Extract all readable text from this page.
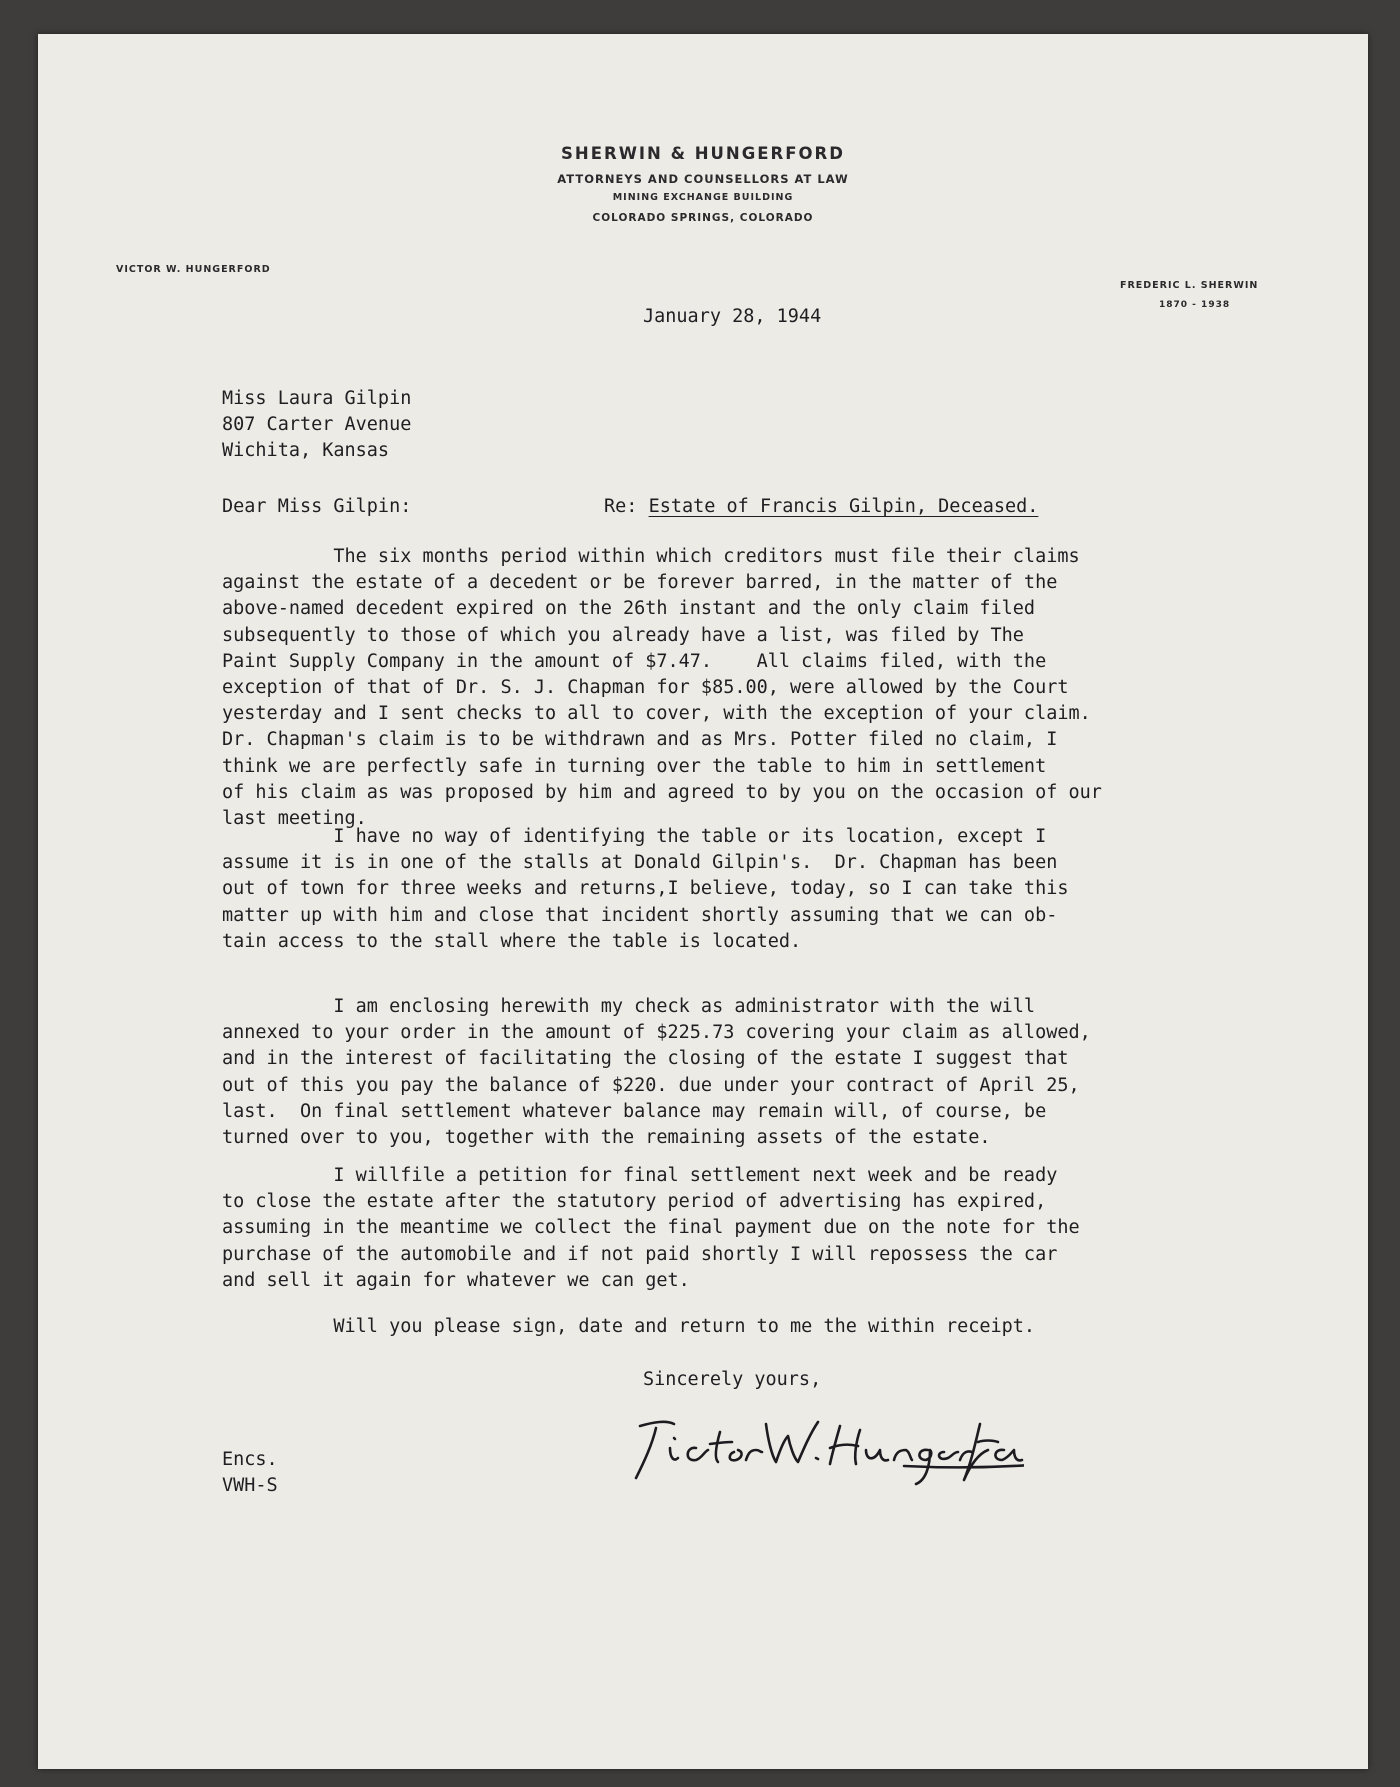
SHERWIN & HUNGERFORD
ATTORNEYS AND COUNSELLORS AT LAW
MINING EXCHANGE BUILDING
COLORADO SPRINGS, COLORADO
VICTOR W. HUNGERFORD
FREDERIC L. SHERWIN
1870 - 1938
January 28, 1944
Miss Laura Gilpin
807 Carter Avenue
Wichita, Kansas
Dear Miss Gilpin:	Re: Estate of Francis Gilpin, Deceased.
The six months period within which creditors must file their claims
against the estate of a decedent or be forever barred, in the matter of the
above-named decedent expired on the 26th instant and the only claim filed
subsequently to those of which you already have a list, was filed by The
Paint Supply Company in the amount of $7.47.    All claims filed, with the
exception of that of Dr. S. J. Chapman for $85.00, were allowed by the Court
yesterday and I sent checks to all to cover, with the exception of your claim.
Dr. Chapman's claim is to be withdrawn and as Mrs. Potter filed no claim, I
think we are perfectly safe in turning over the table to him in settlement
of his claim as was proposed by him and agreed to by you on the occasion of our
last meeting.
I have no way of identifying the table or its location, except I
assume it is in one of the stalls at Donald Gilpin's.  Dr. Chapman has been
out of town for three weeks and returns,I believe, today, so I can take this
matter up with him and close that incident shortly assuming that we can ob-
tain access to the stall where the table is located.
I am enclosing herewith my check as administrator with the will
annexed to your order in the amount of $225.73 covering your claim as allowed,
and in the interest of facilitating the closing of the estate I suggest that
out of this you pay the balance of $220. due under your contract of April 25,
last.  On final settlement whatever balance may remain will, of course, be
turned over to you, together with the remaining assets of the estate.
I willfile a petition for final settlement next week and be ready
to close the estate after the statutory period of advertising has expired,
assuming in the meantime we collect the final payment due on the note for the
purchase of the automobile and if not paid shortly I will repossess the car
and sell it again for whatever we can get.
Will you please sign, date and return to me the within receipt.
Sincerely yours,
Encs.
VWH-S
